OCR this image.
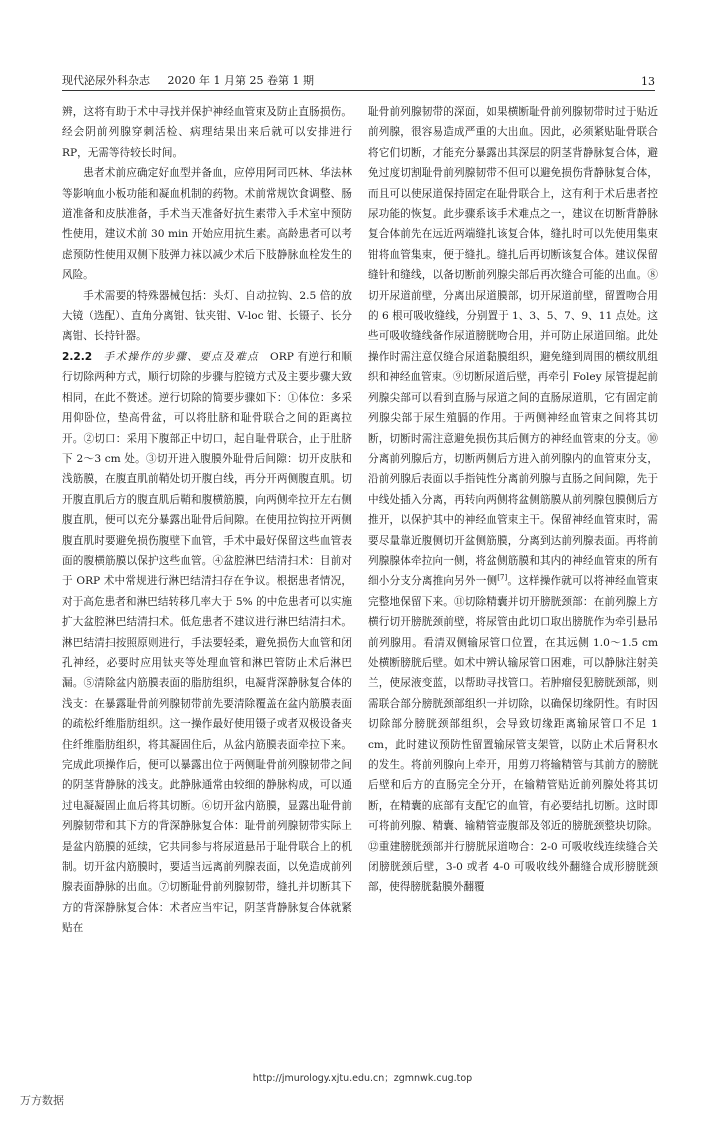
现代泌尿外科杂志 2020 年 1 月第 25 卷第 1 期	13

辨，这将有助于术中寻找并保护神经血管束及防止直肠损伤。经会阴前列腺穿刺活检、病理结果出来后就可以安排进行 RP，无需等待较长时间。

患者术前应确定好血型并备血，应停用阿司匹林、华法林等影响血小板功能和凝血机制的药物。术前常规饮食调整、肠道准备和皮肤准备，手术当天准备好抗生素带入手术室中预防性使用，建议术前 30 min 开始应用抗生素。高龄患者可以考虑预防性使用双侧下肢弹力袜以减少术后下肢静脉血栓发生的风险。

手术需要的特殊器械包括：头灯、自动拉钩、2.5 倍的放大镜（选配）、直角分离钳、钛夹钳、V-loc 钳、长镊子、长分离钳、长持针器。

2.2.2　 手术操作的步骤、要点及难点　 ORP 有逆行和顺行切除两种方式，顺行切除的步骤与腔镜方式及主要步骤大致相同，在此不赘述。逆行切除的简要步骤如下：①体位：多采用仰卧位，垫高骨盆，可以将肚脐和耻骨联合之间的距离拉开。②切口：采用下腹部正中切口，起自耻骨联合，止于肚脐下 2～3 cm 处。③切开进入腹膜外耻骨后间隙：切开皮肤和浅筋膜，在腹直肌前鞘处切开腹白线，再分开两侧腹直肌。切开腹直肌后方的腹直肌后鞘和腹横筋膜，向两侧牵拉开左右侧腹直肌，便可以充分暴露出耻骨后间隙。在使用拉钩拉开两侧腹直肌时要避免损伤腹壁下血管，手术中最好保留这些血管表面的腹横筋膜以保护这些血管。④盆腔淋巴结清扫术：目前对于 ORP 术中常规进行淋巴结清扫存在争议。根据患者情况，对于高危患者和淋巴结转移几率大于 5% 的中危患者可以实施扩大盆腔淋巴结清扫术。低危患者不建议进行淋巴结清扫术。淋巴结清扫按照原则进行，手法要轻柔，避免损伤大血管和闭孔神经，必要时应用钛夹等处理血管和淋巴管防止术后淋巴漏。⑤清除盆内筋膜表面的脂肪组织，电凝背深静脉复合体的浅支：在暴露耻骨前列腺韧带前先要清除覆盖在盆内筋膜表面的疏松纤维脂肪组织。这一操作最好使用镊子或者双极设备夹住纤维脂肪组织，将其凝固住后，从盆内筋膜表面牵拉下来。完成此项操作后，便可以暴露出位于两侧耻骨前列腺韧带之间的阴茎背静脉的浅支。此静脉通常由较细的静脉构成，可以通过电凝凝固止血后将其切断。⑥切开盆内筋膜，显露出耻骨前列腺韧带和其下方的背深静脉复合体：耻骨前列腺韧带实际上是盆内筋膜的延续，它共同参与将尿道悬吊于耻骨联合上的机制。切开盆内筋膜时，要适当远离前列腺表面，以免造成前列腺表面静脉的出血。⑦切断耻骨前列腺韧带，缝扎并切断其下方的背深静脉复合体：术者应当牢记，阴茎背静脉复合体就紧贴在

耻骨前列腺韧带的深面，如果横断耻骨前列腺韧带时过于贴近前列腺，很容易造成严重的大出血。因此，必须紧贴耻骨联合将它们切断，才能充分暴露出其深层的阴茎背静脉复合体，避免过度切割耻骨前列腺韧带不但可以避免损伤背静脉复合体，而且可以使尿道保持固定在耻骨联合上，这有利于术后患者控尿功能的恢复。此步骤系该手术难点之一，建议在切断背静脉复合体前先在远近两端缝扎该复合体，缝扎时可以先使用集束钳将血管集束，便于缝扎。缝扎后再切断该复合体。建议保留缝针和缝线，以备切断前列腺尖部后再次缝合可能的出血。⑧切开尿道前壁，分离出尿道膜部，切开尿道前壁，留置吻合用的 6 根可吸收缝线，分别置于 1、3、5、7、9、11 点处。这些可吸收缝线备作尿道膀胱吻合用，并可防止尿道回缩。此处操作时需注意仅缝合尿道黏膜组织，避免缝到周围的横纹肌组织和神经血管束。⑨切断尿道后壁，再牵引 Foley 尿管提起前列腺尖部可以看到直肠与尿道之间的直肠尿道肌，它有固定前列腺尖部于尿生殖膈的作用。于两侧神经血管束之间将其切断，切断时需注意避免损伤其后侧方的神经血管束的分支。⑩分离前列腺后方，切断两侧后方进入前列腺内的血管束分支，沿前列腺后表面以手指钝性分离前列腺与直肠之间间隙，先于中线处插入分离，再转向两侧将盆侧筋膜从前列腺包膜侧后方推开，以保护其中的神经血管束主干。保留神经血管束时，需要尽量靠近腹侧切开盆侧筋膜，分离到达前列腺表面。再将前列腺腺体牵拉向一侧，将盆侧筋膜和其内的神经血管束的所有细小分支分离推向另外一侧[7]。这样操作就可以将神经血管束完整地保留下来。⑪切除精囊并切开膀胱颈部：在前列腺上方横行切开膀胱颈前壁，将尿管由此切口取出膀胱作为牵引悬吊前列腺用。看清双侧输尿管口位置，在其远侧 1.0～1.5 cm 处横断膀胱后壁。如术中辨认输尿管口困难，可以静脉注射美兰，使尿液变蓝，以帮助寻找管口。若肿瘤侵犯膀胱颈部，则需联合部分膀胱颈部组织一并切除，以确保切缘阴性。有时因切除部分膀胱颈部组织，会导致切缘距离输尿管口不足 1 cm，此时建议预防性留置输尿管支架管，以防止术后肾积水的发生。将前列腺向上牵开，用剪刀将输精管与其前方的膀胱后壁和后方的直肠完全分开，在输精管贴近前列腺处将其切断，在精囊的底部有支配它的血管，有必要结扎切断。这时即可将前列腺、精囊、输精管壶腹部及邻近的膀胱颈整块切除。⑫重建膀胱颈部并行膀胱尿道吻合：2-0 可吸收线连续缝合关闭膀胱颈后壁，3-0 或者 4-0 可吸收线外翻缝合成形膀胱颈部，使得膀胱黏膜外翻覆

http://jmurology.xjtu.edu.cn；zgmnwk.cug.top
万方数据
